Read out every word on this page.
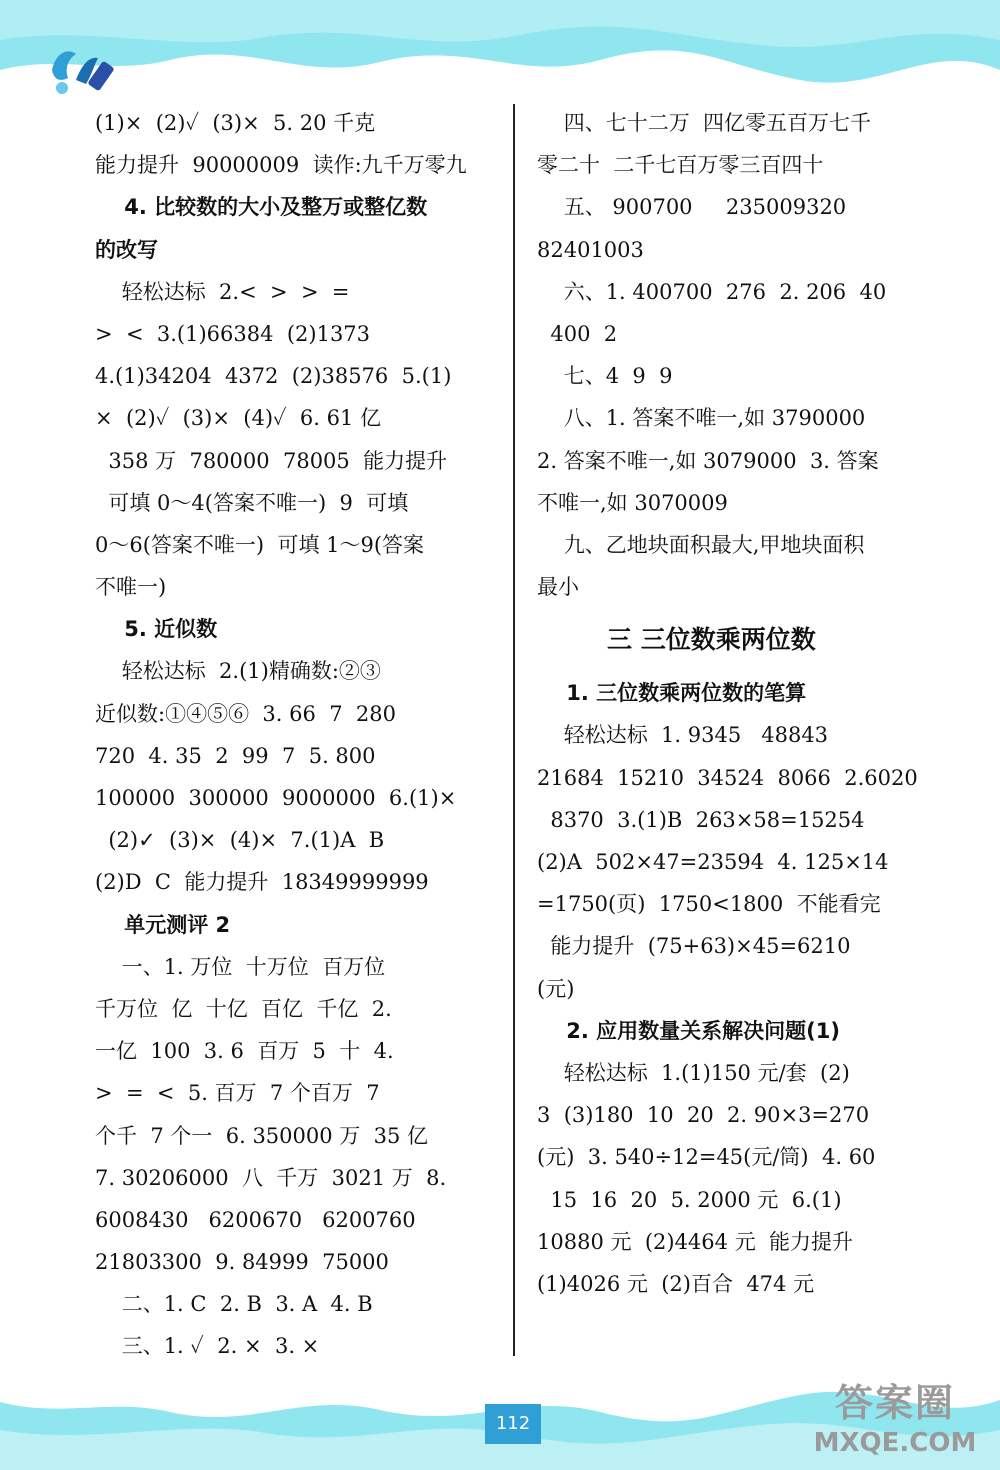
(1)×  (2)✓  (3)×  5. 20 千克
能力提升  90000009  读作:九千万零九
4. 比较数的大小及整万或整亿数
的改写
轻松达标  2.<  >  >  =
>  <  3.(1)66384  (2)1373
4.(1)34204  4372  (2)38576  5.(1)
×  (2)✓  (3)×  (4)✓  6. 61 亿
358 万  780000  78005  能力提升
可填 0～4(答案不唯一)  9  可填
0～6(答案不唯一)  可填 1～9(答案
不唯一)
5. 近似数
轻松达标  2.(1)精确数:②③
近似数:①④⑤⑥  3. 66  7  280
720  4. 35  2  99  7  5. 800
100000  300000  9000000  6.(1)×
(2)✓  (3)×  (4)×  7.(1)A  B
(2)D  C  能力提升  18349999999
单元测评 2
一、1. 万位  十万位  百万位
千万位  亿  十亿  百亿  千亿  2.
一亿  100  3. 6  百万  5  十  4.
>  =  <  5. 百万  7 个百万  7
个千  7 个一  6. 350000 万  35 亿
7. 30206000  八  千万  3021 万  8.
6008430   6200670   6200760
21803300  9. 84999  75000
二、1. C  2. B  3. A  4. B
三、1. ✓  2. ×  3. ×
四、七十二万  四亿零五百万七千
零二十  二千七百万零三百四十
五、 900700     235009320
82401003
六、1. 400700  276  2. 206  40
400  2
七、4  9  9
八、1. 答案不唯一,如 3790000
2. 答案不唯一,如 3079000  3. 答案
不唯一,如 3070009
九、乙地块面积最大,甲地块面积
最小
三 三位数乘两位数
1. 三位数乘两位数的笔算
轻松达标  1. 9345   48843
21684  15210  34524  8066  2.6020
8370  3.(1)B  263×58=15254
(2)A  502×47=23594  4. 125×14
=1750(页)  1750<1800  不能看完
能力提升  (75+63)×45=6210
(元)
2. 应用数量关系解决问题(1)
轻松达标  1.(1)150 元/套  (2)
3  (3)180  10  20  2. 90×3=270
(元)  3. 540÷12=45(元/筒)  4. 60
15  16  20  5. 2000 元  6.(1)
10880 元  (2)4464 元  能力提升
(1)4026 元  (2)百合  474 元
112	答案圈
MXQE.COM
